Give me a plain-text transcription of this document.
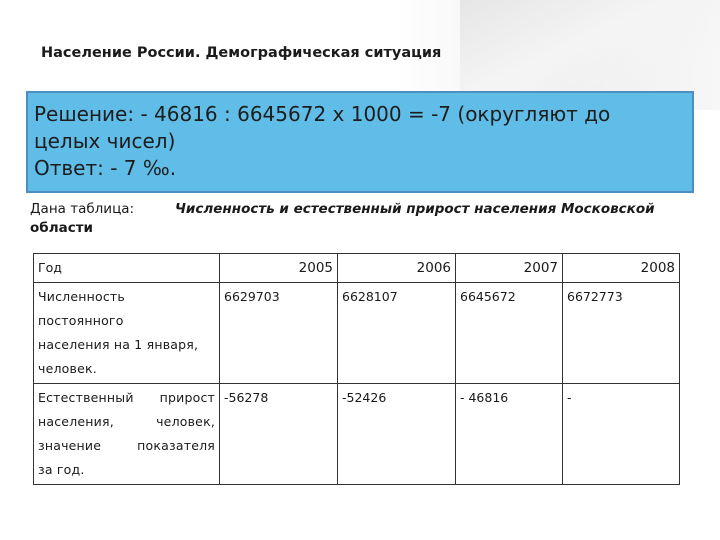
Население России. Демографическая ситуация
Решение: - 46816 : 6645672 х 1000 = -7 (округляют до
целых чисел)
Ответ: - 7 ‰.
Дана таблица:	Численность и естественный прирост населения Московской
области
Год	2005	2006	2007	2008

Численность
постоянного
населения на 1 января,
человек.	6629703	6628107	6645672	6672773

Естественный прирост
населения, человек,
значение показателя
за год.	-56278	-52426	- 46816	-
